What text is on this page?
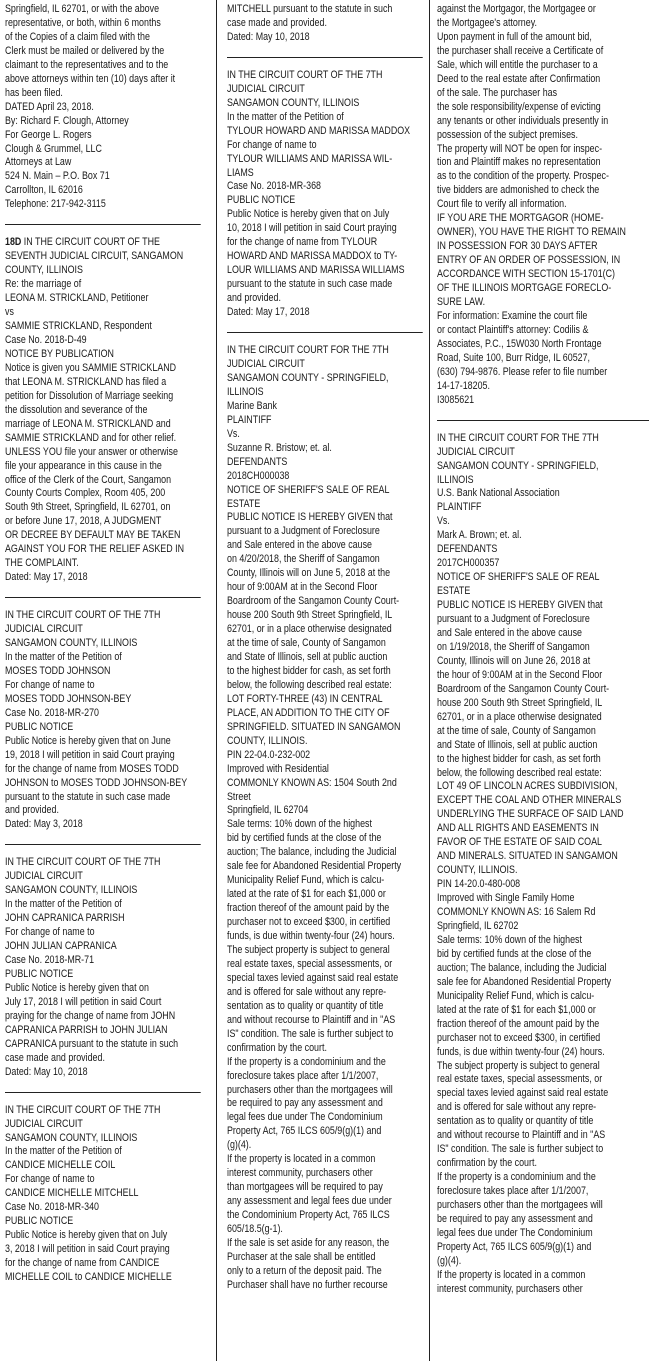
Springfield, IL 62701, or with the above
representative, or both, within 6 months
of the Copies of a claim filed with the
Clerk must be mailed or delivered by the
claimant to the representatives and to the
above attorneys within ten (10) days after it
has been filed.
DATED April 23, 2018.
By: Richard F. Clough, Attorney
For George L. Rogers
Clough & Grummel, LLC
Attorneys at Law
524 N. Main – P.O. Box 71
Carrollton, IL 62016
Telephone: 217-942-3115
18D IN THE CIRCUIT COURT OF THE
SEVENTH JUDICIAL CIRCUIT, SANGAMON
COUNTY, ILLINOIS
Re: the marriage of
LEONA M. STRICKLAND, Petitioner
vs
SAMMIE STRICKLAND, Respondent
Case No. 2018-D-49
NOTICE BY PUBLICATION
Notice is given you SAMMIE STRICKLAND
that LEONA M. STRICKLAND has filed a
petition for Dissolution of Marriage seeking
the dissolution and severance of the
marriage of LEONA M. STRICKLAND and
SAMMIE STRICKLAND and for other relief.
UNLESS YOU file your answer or otherwise
file your appearance in this cause in the
office of the Clerk of the Court, Sangamon
County Courts Complex, Room 405, 200
South 9th Street, Springfield, IL 62701, on
or before June 17, 2018, A JUDGMENT
OR DECREE BY DEFAULT MAY BE TAKEN
AGAINST YOU FOR THE RELIEF ASKED IN
THE COMPLAINT.
Dated: May 17, 2018
IN THE CIRCUIT COURT OF THE 7TH
JUDICIAL CIRCUIT
SANGAMON COUNTY, ILLINOIS
In the matter of the Petition of
MOSES TODD JOHNSON
For change of name to
MOSES TODD JOHNSON-BEY
Case No. 2018-MR-270
PUBLIC NOTICE
Public Notice is hereby given that on June
19, 2018 I will petition in said Court praying
for the change of name from MOSES TODD
JOHNSON to MOSES TODD JOHNSON-BEY
pursuant to the statute in such case made
and provided.
Dated: May 3, 2018
IN THE CIRCUIT COURT OF THE 7TH
JUDICIAL CIRCUIT
SANGAMON COUNTY, ILLINOIS
In the matter of the Petition of
JOHN CAPRANICA PARRISH
For change of name to
JOHN JULIAN CAPRANICA
Case No. 2018-MR-71
PUBLIC NOTICE
Public Notice is hereby given that on
July 17, 2018 I will petition in said Court
praying for the change of name from JOHN
CAPRANICA PARRISH to JOHN JULIAN
CAPRANICA pursuant to the statute in such
case made and provided.
Dated: May 10, 2018
IN THE CIRCUIT COURT OF THE 7TH
JUDICIAL CIRCUIT
SANGAMON COUNTY, ILLINOIS
In the matter of the Petition of
CANDICE MICHELLE COIL
For change of name to
CANDICE MICHELLE MITCHELL
Case No. 2018-MR-340
PUBLIC NOTICE
Public Notice is hereby given that on July
3, 2018 I will petition in said Court praying
for the change of name from CANDICE
MICHELLE COIL to CANDICE MICHELLE
MITCHELL pursuant to the statute in such
case made and provided.
Dated: May 10, 2018
IN THE CIRCUIT COURT OF THE 7TH
JUDICIAL CIRCUIT
SANGAMON COUNTY, ILLINOIS
In the matter of the Petition of
TYLOUR HOWARD AND MARISSA MADDOX
For change of name to
TYLOUR WILLIAMS AND MARISSA WIL-
LIAMS
Case No. 2018-MR-368
PUBLIC NOTICE
Public Notice is hereby given that on July
10, 2018 I will petition in said Court praying
for the change of name from TYLOUR
HOWARD AND MARISSA MADDOX to TY-
LOUR WILLIAMS AND MARISSA WILLIAMS
pursuant to the statute in such case made
and provided.
Dated: May 17, 2018
IN THE CIRCUIT COURT FOR THE 7TH
JUDICIAL CIRCUIT
SANGAMON COUNTY - SPRINGFIELD,
ILLINOIS
Marine Bank
PLAINTIFF
Vs.
Suzanne R. Bristow; et. al.
DEFENDANTS
2018CH000038
NOTICE OF SHERIFF'S SALE OF REAL
ESTATE
PUBLIC NOTICE IS HEREBY GIVEN that
pursuant to a Judgment of Foreclosure
and Sale entered in the above cause
on 4/20/2018, the Sheriff of Sangamon
County, Illinois will on June 5, 2018 at the
hour of 9:00AM at in the Second Floor
Boardroom of the Sangamon County Court-
house 200 South 9th Street Springfield, IL
62701, or in a place otherwise designated
at the time of sale, County of Sangamon
and State of Illinois, sell at public auction
to the highest bidder for cash, as set forth
below, the following described real estate:
LOT FORTY-THREE (43) IN CENTRAL
PLACE, AN ADDITION TO THE CITY OF
SPRINGFIELD. SITUATED IN SANGAMON
COUNTY, ILLINOIS.
PIN 22-04.0-232-002
Improved with Residential
COMMONLY KNOWN AS: 1504 South 2nd
Street
Springfield, IL 62704
Sale terms: 10% down of the highest
bid by certified funds at the close of the
auction; The balance, including the Judicial
sale fee for Abandoned Residential Property
Municipality Relief Fund, which is calcu-
lated at the rate of $1 for each $1,000 or
fraction thereof of the amount paid by the
purchaser not to exceed $300, in certified
funds, is due within twenty-four (24) hours.
The subject property is subject to general
real estate taxes, special assessments, or
special taxes levied against said real estate
and is offered for sale without any repre-
sentation as to quality or quantity of title
and without recourse to Plaintiff and in "AS
IS" condition. The sale is further subject to
confirmation by the court.
If the property is a condominium and the
foreclosure takes place after 1/1/2007,
purchasers other than the mortgagees will
be required to pay any assessment and
legal fees due under The Condominium
Property Act, 765 ILCS 605/9(g)(1) and
(g)(4).
If the property is located in a common
interest community, purchasers other
than mortgagees will be required to pay
any assessment and legal fees due under
the Condominium Property Act, 765 ILCS
605/18.5(g-1).
If the sale is set aside for any reason, the
Purchaser at the sale shall be entitled
only to a return of the deposit paid. The
Purchaser shall have no further recourse
against the Mortgagor, the Mortgagee or
the Mortgagee's attorney.
Upon payment in full of the amount bid,
the purchaser shall receive a Certificate of
Sale, which will entitle the purchaser to a
Deed to the real estate after Confirmation
of the sale. The purchaser has
the sole responsibility/expense of evicting
any tenants or other individuals presently in
possession of the subject premises.
The property will NOT be open for inspec-
tion and Plaintiff makes no representation
as to the condition of the property. Prospec-
tive bidders are admonished to check the
Court file to verify all information.
IF YOU ARE THE MORTGAGOR (HOME-
OWNER), YOU HAVE THE RIGHT TO REMAIN
IN POSSESSION FOR 30 DAYS AFTER
ENTRY OF AN ORDER OF POSSESSION, IN
ACCORDANCE WITH SECTION 15-1701(C)
OF THE ILLINOIS MORTGAGE FORECLO-
SURE LAW.
For information: Examine the court file
or contact Plaintiff's attorney: Codilis &
Associates, P.C., 15W030 North Frontage
Road, Suite 100, Burr Ridge, IL 60527,
(630) 794-9876. Please refer to file number
14-17-18205.
I3085621
IN THE CIRCUIT COURT FOR THE 7TH
JUDICIAL CIRCUIT
SANGAMON COUNTY - SPRINGFIELD,
ILLINOIS
U.S. Bank National Association
PLAINTIFF
Vs.
Mark A. Brown; et. al.
DEFENDANTS
2017CH000357
NOTICE OF SHERIFF'S SALE OF REAL
ESTATE
PUBLIC NOTICE IS HEREBY GIVEN that
pursuant to a Judgment of Foreclosure
and Sale entered in the above cause
on 1/19/2018, the Sheriff of Sangamon
County, Illinois will on June 26, 2018 at
the hour of 9:00AM at in the Second Floor
Boardroom of the Sangamon County Court-
house 200 South 9th Street Springfield, IL
62701, or in a place otherwise designated
at the time of sale, County of Sangamon
and State of Illinois, sell at public auction
to the highest bidder for cash, as set forth
below, the following described real estate:
LOT 49 OF LINCOLN ACRES SUBDIVISION,
EXCEPT THE COAL AND OTHER MINERALS
UNDERLYING THE SURFACE OF SAID LAND
AND ALL RIGHTS AND EASEMENTS IN
FAVOR OF THE ESTATE OF SAID COAL
AND MINERALS. SITUATED IN SANGAMON
COUNTY, ILLINOIS.
PIN 14-20.0-480-008
Improved with Single Family Home
COMMONLY KNOWN AS: 16 Salem Rd
Springfield, IL 62702
Sale terms: 10% down of the highest
bid by certified funds at the close of the
auction; The balance, including the Judicial
sale fee for Abandoned Residential Property
Municipality Relief Fund, which is calcu-
lated at the rate of $1 for each $1,000 or
fraction thereof of the amount paid by the
purchaser not to exceed $300, in certified
funds, is due within twenty-four (24) hours.
The subject property is subject to general
real estate taxes, special assessments, or
special taxes levied against said real estate
and is offered for sale without any repre-
sentation as to quality or quantity of title
and without recourse to Plaintiff and in "AS
IS" condition. The sale is further subject to
confirmation by the court.
If the property is a condominium and the
foreclosure takes place after 1/1/2007,
purchasers other than the mortgagees will
be required to pay any assessment and
legal fees due under The Condominium
Property Act, 765 ILCS 605/9(g)(1) and
(g)(4).
If the property is located in a common
interest community, purchasers other
